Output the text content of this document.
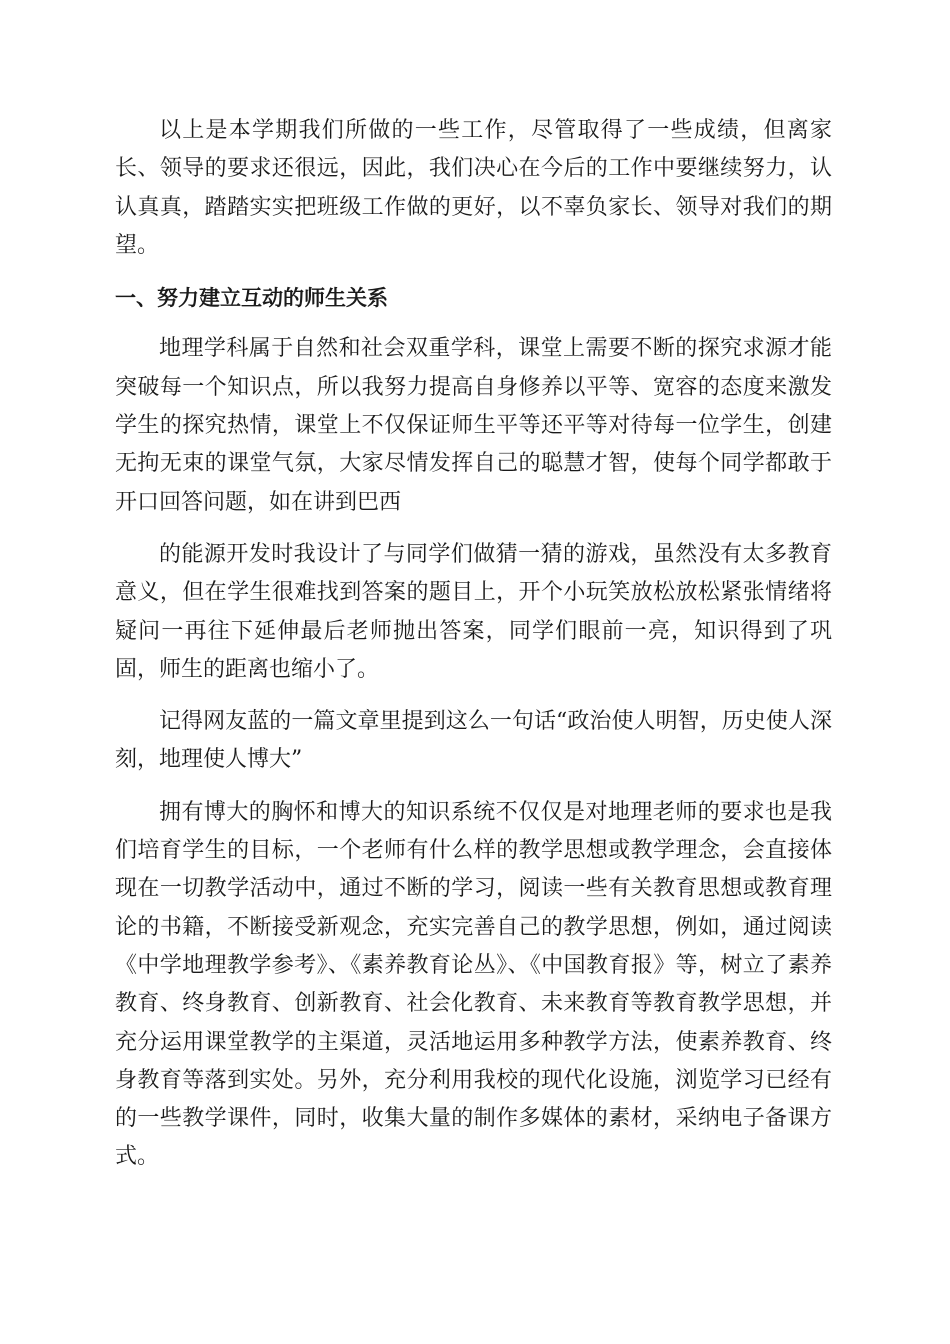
以上是本学期我们所做的一些工作，尽管取得了一些成绩，但离家长、领导的要求还很远，因此，我们决心在今后的工作中要继续努力，认认真真，踏踏实实把班级工作做的更好，以不辜负家长、领导对我们的期望。

一、努力建立互动的师生关系

地理学科属于自然和社会双重学科，课堂上需要不断的探究求源才能突破每一个知识点，所以我努力提高自身修养以平等、宽容的态度来激发学生的探究热情，课堂上不仅保证师生平等还平等对待每一位学生，创建无拘无束的课堂气氛，大家尽情发挥自己的聪慧才智，使每个同学都敢于开口回答问题，如在讲到巴西

的能源开发时我设计了与同学们做猜一猜的游戏，虽然没有太多教育意义，但在学生很难找到答案的题目上，开个小玩笑放松放松紧张情绪将疑问一再往下延伸最后老师抛出答案，同学们眼前一亮，知识得到了巩固，师生的距离也缩小了。

记得网友蓝的一篇文章里提到这么一句话“政治使人明智，历史使人深刻，地理使人博大”

拥有博大的胸怀和博大的知识系统不仅仅是对地理老师的要求也是我们培育学生的目标，一个老师有什么样的教学思想或教学理念，会直接体现在一切教学活动中，通过不断的学习，阅读一些有关教育思想或教育理论的书籍，不断接受新观念，充实完善自己的教学思想，例如，通过阅读《中学地理教学参考》、《素养教育论丛》、《中国教育报》等，树立了素养教育、终身教育、创新教育、社会化教育、未来教育等教育教学思想，并充分运用课堂教学的主渠道，灵活地运用多种教学方法，使素养教育、终身教育等落到实处。另外，充分利用我校的现代化设施，浏览学习已经有的一些教学课件，同时，收集大量的制作多媒体的素材，采纳电子备课方式。
